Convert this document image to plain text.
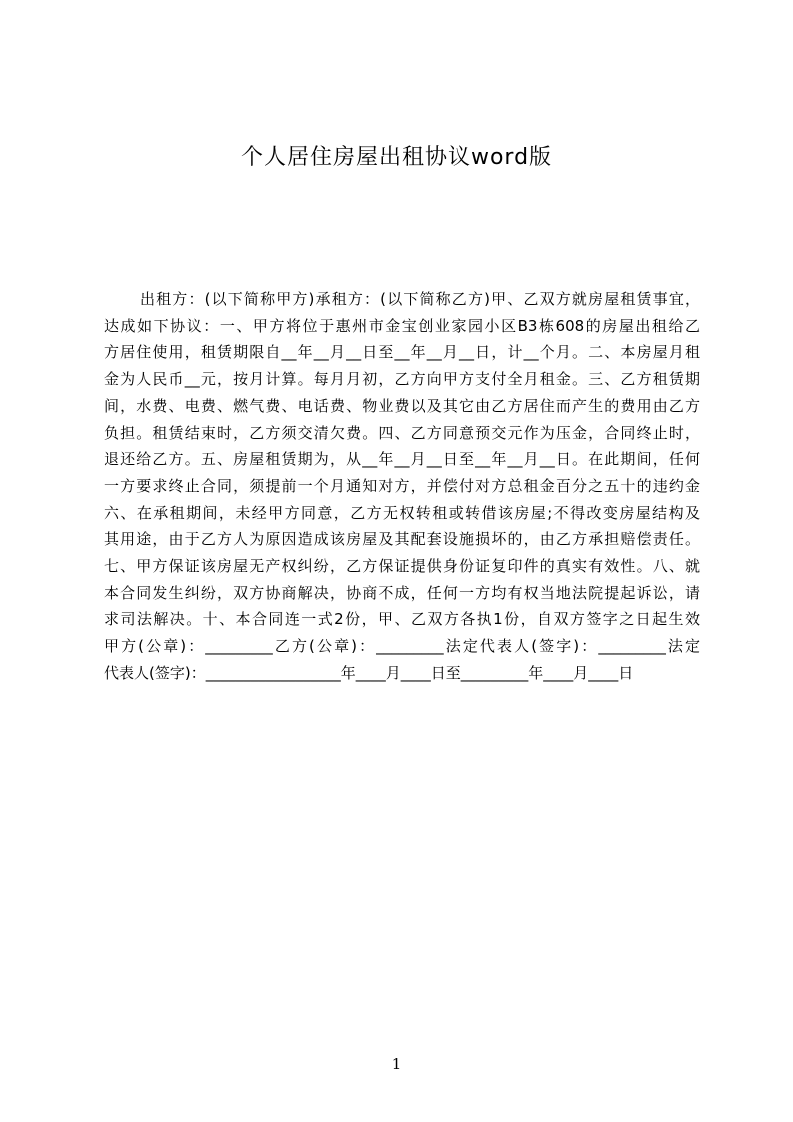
个人居住房屋出租协议word版
出租方：(以下简称甲方)承租方：(以下简称乙方)甲、乙双方就房屋租赁事宜，
达成如下协议：一、甲方将位于惠州市金宝创业家园小区B3栋608的房屋出租给乙
方居住使用，租赁期限自__年__月__日至__年__月__日，计__个月。二、本房屋月租
金为人民币__元，按月计算。每月月初，乙方向甲方支付全月租金。三、乙方租赁期
间，水费、电费、燃气费、电话费、物业费以及其它由乙方居住而产生的费用由乙方
负担。租赁结束时，乙方须交清欠费。四、乙方同意预交元作为压金，合同终止时，
退还给乙方。五、房屋租赁期为，从__年__月__日至__年__月__日。在此期间，任何
一方要求终止合同，须提前一个月通知对方，并偿付对方总租金百分之五十的违约金
六、在承租期间，未经甲方同意，乙方无权转租或转借该房屋;不得改变房屋结构及
其用途，由于乙方人为原因造成该房屋及其配套设施损坏的，由乙方承担赔偿责任。
七、甲方保证该房屋无产权纠纷，乙方保证提供身份证复印件的真实有效性。八、就
本合同发生纠纷，双方协商解决，协商不成，任何一方均有权当地法院提起诉讼，请
求司法解决。十、本合同连一式2份，甲、乙双方各执1份，自双方签字之日起生效
甲方(公章)：_________乙方(公章)：_________法定代表人(签字)：_________法定
代表人(签字)：__________________年____月____日至_________年____月____日
1
